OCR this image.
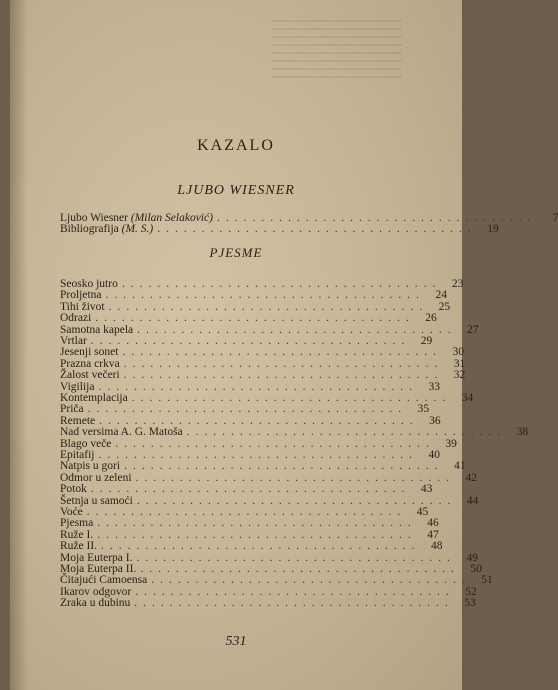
KAZALO
LJUBO WIESNER
Ljubo Wiesner (Milan Selaković) ....................................	7
Bibliografija (M. S.) .................................... 19
PJESME
Seosko jutro .................................... 23
Proljetna .................................... 24
Tihi život .................................... 25
Odrazi .................................... 26
Samotna kapela .................................... 27
Vrtlar .................................... 29
Jesenji sonet .................................... 30
Prazna crkva .................................... 31
Žalost večeri .................................... 32
Vigilija .................................... 33
Kontemplacija .................................... 34
Priča .................................... 35
Remete .................................... 36
Nad versima A. G. Matoša .................................... 38
Blago veče .................................... 39
Epitafij .................................... 40
Natpis u gori .................................... 41
Odmor u zeleni .................................... 42
Potok .................................... 43
Šetnja u samoći .................................... 44
Voće .................................... 45
Pjesma .................................... 46
Ruže I. .................................... 47
Ruže II. .................................... 48
Moja Euterpa I. .................................... 49
Moja Euterpa II. .................................... 50
Čitajući Camoensa .................................... 51
Ikarov odgovor .................................... 52
Zraka u dubinu .................................... 53
531
